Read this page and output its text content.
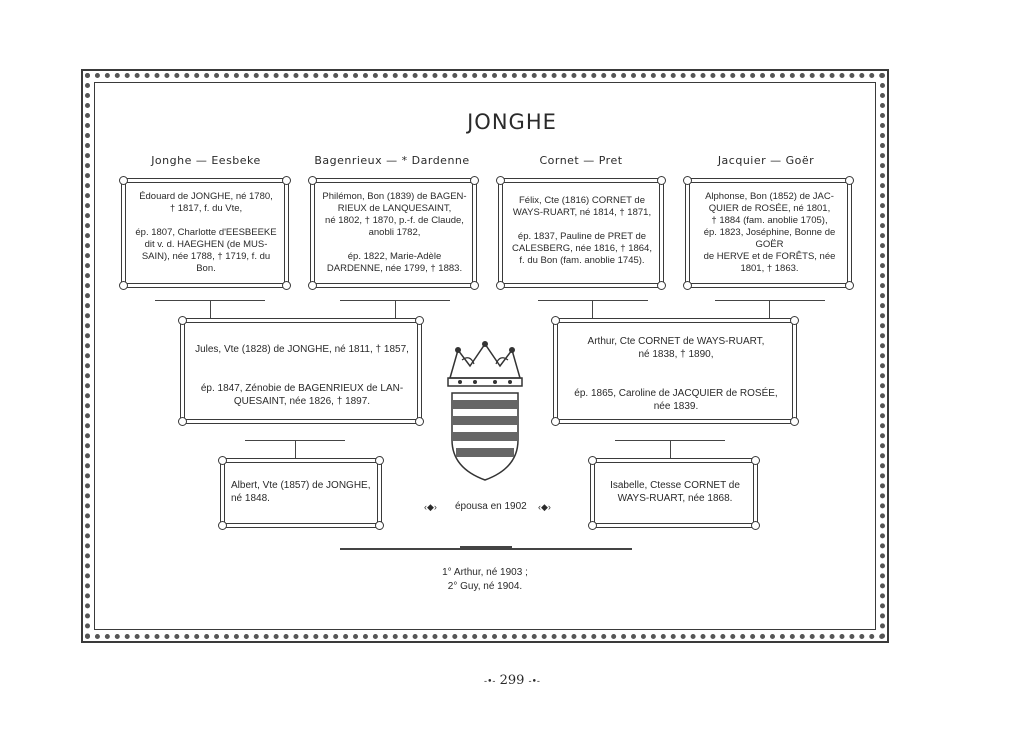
JONGHE
Jonghe — Eesbeke	Bagenrieux — * Dardenne	Cornet — Pret	Jacquier — Goër
Édouard de JONGHE, né 1780,
† 1817, f. du Vte,

ép. 1807, Charlotte d'EESBEEKE
dit v. d. HAEGHEN (de MUS-
SAIN), née 1788, † 1719, f. du
Bon.
Philémon, Bon (1839) de BAGEN-
RIEUX de LANQUESAINT,
né 1802, † 1870, p.-f. de Claude,
anobli 1782,

ép. 1822, Marie-Adèle
DARDENNE, née 1799, † 1883.
Félix, Cte (1816) CORNET de
WAYS-RUART, né 1814, † 1871,

ép. 1837, Pauline de PRET de
CALESBERG, née 1816, † 1864,
f. du Bon (fam. anoblie 1745).
Alphonse, Bon (1852) de JAC-
QUIER de ROSÉE, né 1801,
† 1884 (fam. anoblie 1705),
ép. 1823, Joséphine, Bonne de GOËR
de HERVE et de FORÊTS, née
1801, † 1863.
Jules, Vte (1828) de JONGHE, né 1811, † 1857,

ép. 1847, Zénobie de BAGENRIEUX de LAN-
QUESAINT, née 1826, † 1897.
Arthur, Cte CORNET de WAYS-RUART,
né 1838, † 1890,

ép. 1865, Caroline de JACQUIER de ROSÉE,
née 1839.
Albert, Vte (1857) de JONGHE,
né 1848.
Isabelle, Ctesse CORNET de
WAYS-RUART, née 1868.
‹◆› épousa en 1902 ‹◆›
1° Arthur, né 1903 ;
2° Guy, né 1904.
-•- 299 -•-
